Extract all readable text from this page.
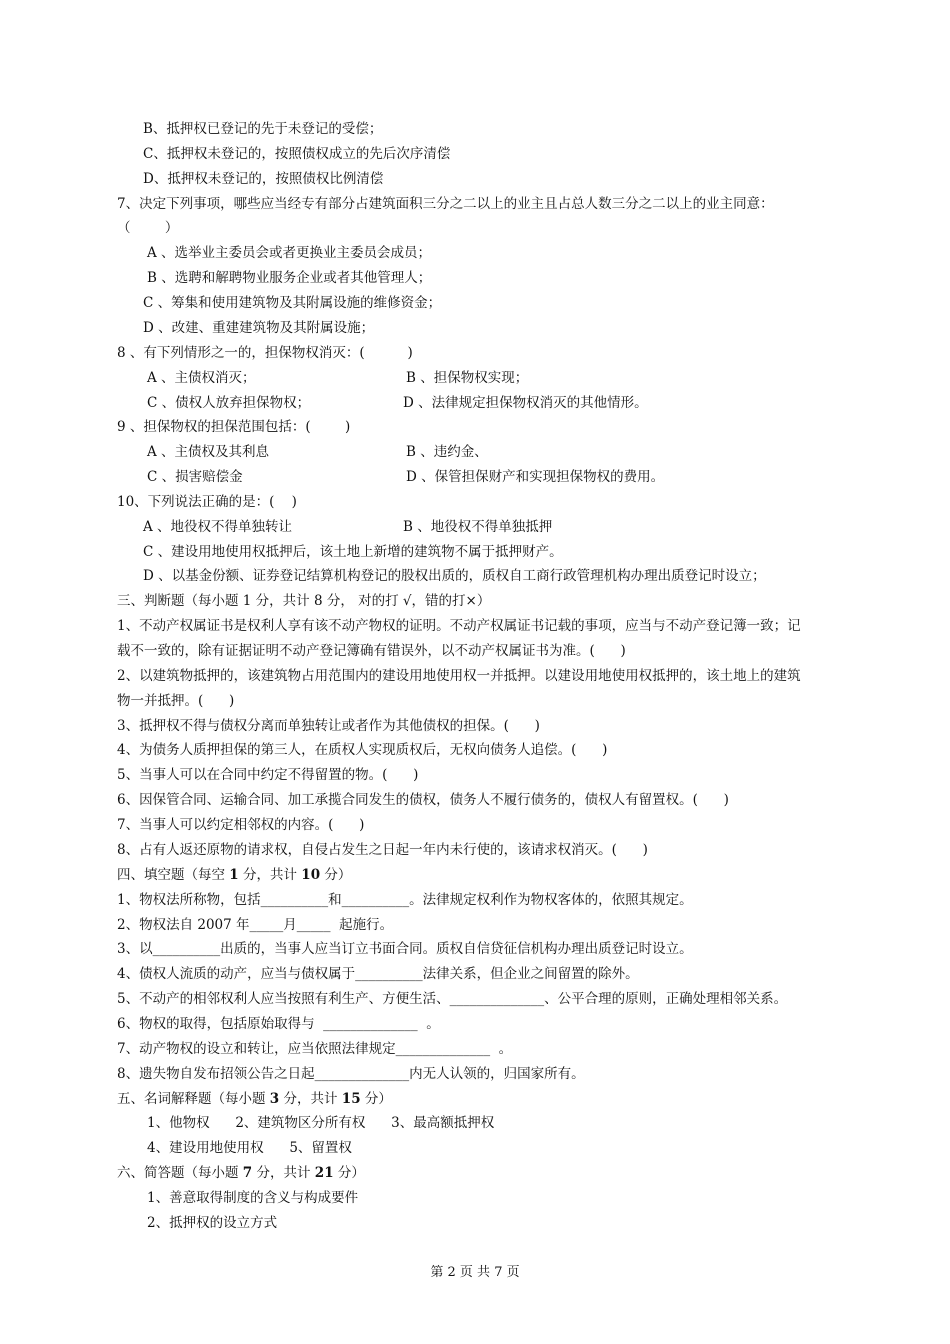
B、抵押权已登记的先于未登记的受偿；
C、抵押权未登记的，按照债权成立的先后次序清偿
D、抵押权未登记的，按照债权比例清偿
7、决定下列事项，哪些应当经专有部分占建筑面积三分之二以上的业主且占总人数三分之二以上的业主同意：
（        ）
A 、选举业主委员会或者更换业主委员会成员；
B 、选聘和解聘物业服务企业或者其他管理人；
C 、筹集和使用建筑物及其附属设施的维修资金；
D 、改建、重建建筑物及其附属设施；
8 、有下列情形之一的，担保物权消灭：(          )
A 、主债权消灭；	B 、担保物权实现；
C 、债权人放弃担保物权；	D 、法律规定担保物权消灭的其他情形。
9 、担保物权的担保范围包括：(        )
A 、主债权及其利息	B 、违约金、
C 、损害赔偿金	D 、保管担保财产和实现担保物权的费用。
10、下列说法正确的是：(    )
A 、地役权不得单独转让	B 、地役权不得单独抵押
C 、建设用地使用权抵押后，该土地上新增的建筑物不属于抵押财产。
D 、以基金份额、证券登记结算机构登记的股权出质的，质权自工商行政管理机构办理出质登记时设立；
三、判断题（每小题 1 分，共计 8 分， 对的打 √，错的打×）
1、不动产权属证书是权利人享有该不动产物权的证明。不动产权属证书记载的事项，应当与不动产登记簿一致；记
载不一致的，除有证据证明不动产登记簿确有错误外，以不动产权属证书为准。(      )
2、以建筑物抵押的，该建筑物占用范围内的建设用地使用权一并抵押。以建设用地使用权抵押的，该土地上的建筑
物一并抵押。(      )
3、抵押权不得与债权分离而单独转让或者作为其他债权的担保。(      )
4、为债务人质押担保的第三人，在质权人实现质权后，无权向债务人追偿。(      )
5、当事人可以在合同中约定不得留置的物。(      )
6、因保管合同、运输合同、加工承揽合同发生的债权，债务人不履行债务的，债权人有留置权。(      )
7、当事人可以约定相邻权的内容。(      )
8、占有人返还原物的请求权，自侵占发生之日起一年内未行使的，该请求权消灭。(      )
四、填空题（每空 1 分，共计 10 分）
1、物权法所称物，包括__________和__________。法律规定权利作为物权客体的，依照其规定。
2、物权法自 2007 年_____月_____  起施行。
3、以__________出质的，当事人应当订立书面合同。质权自信贷征信机构办理出质登记时设立。
4、债权人流质的动产，应当与债权属于__________法律关系，但企业之间留置的除外。
5、不动产的相邻权利人应当按照有利生产、方便生活、______________、公平合理的原则，正确处理相邻关系。
6、物权的取得，包括原始取得与  ______________  。
7、动产物权的设立和转让，应当依照法律规定______________  。
8、遗失物自发布招领公告之日起______________内无人认领的，归国家所有。
五、名词解释题（每小题 3 分，共计 15 分）
1、他物权      2、建筑物区分所有权      3、最高额抵押权
4、建设用地使用权      5、留置权
六、简答题（每小题 7 分，共计 21 分）
1、善意取得制度的含义与构成要件
2、抵押权的设立方式
第 2 页 共 7 页
